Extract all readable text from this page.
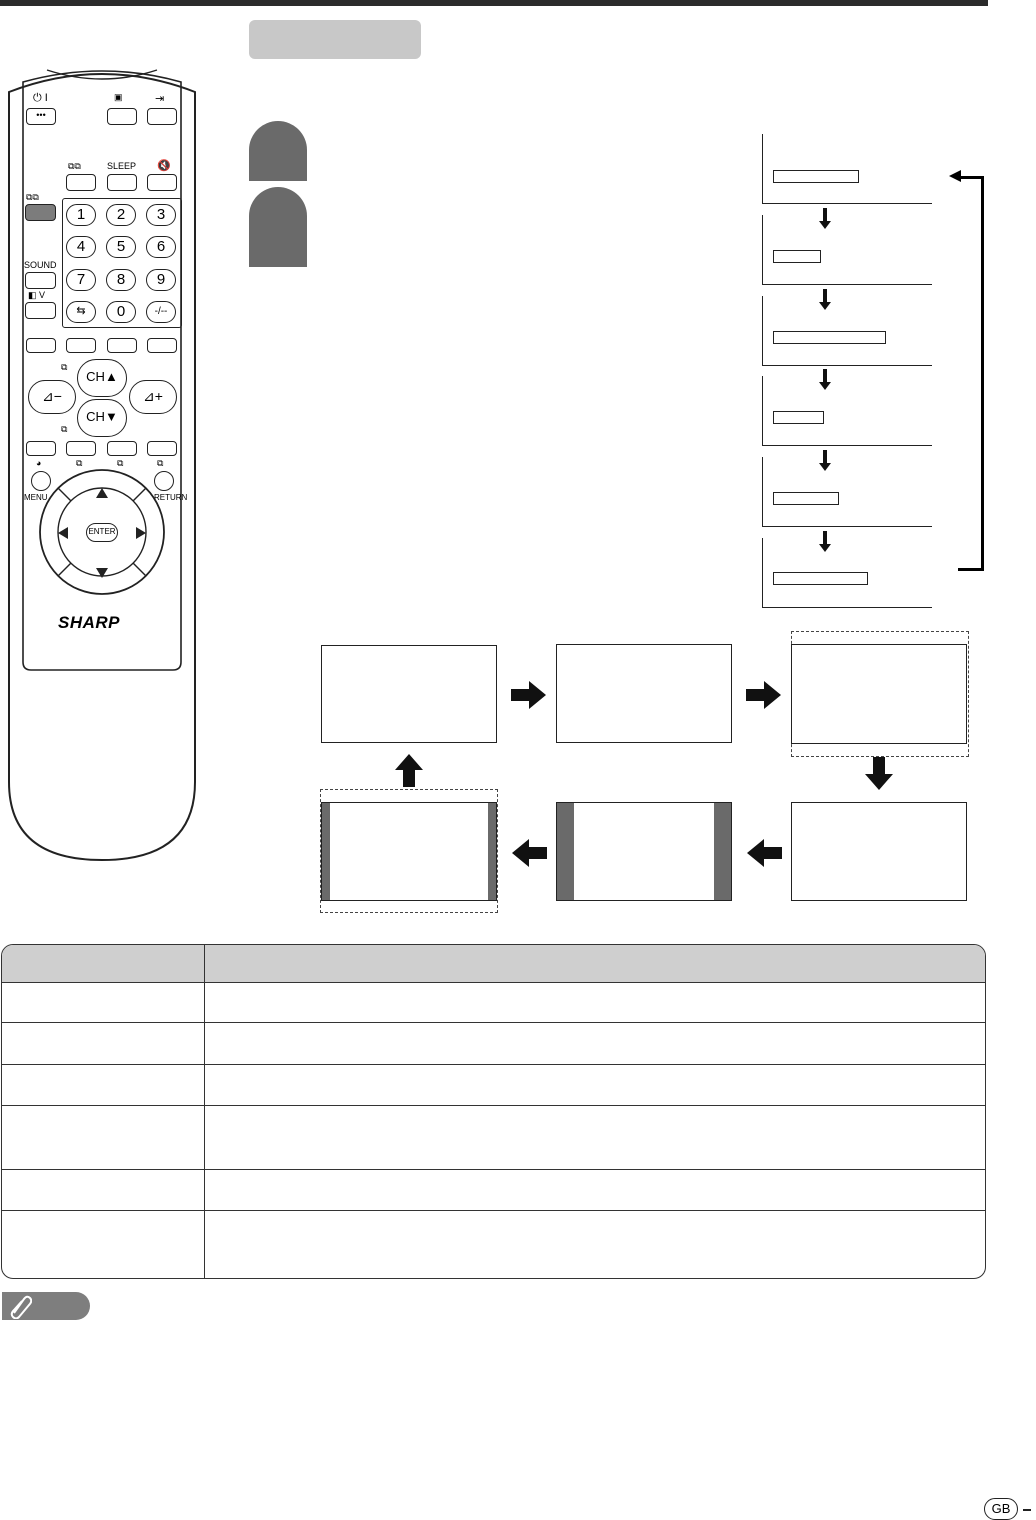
⏻ I
•••
▣	⇥
⧉⧉	SLEEP 🔇
⧉⧉
1	2	3
4	5	6
7	8	9
⇆	0	-/--
SOUND
V
◧
⧉
CH▲
CH▼
⊿−	⊿+
⧉
◕	⧉	⧉	⧉
MENU	RETURN
ENTER
SHARP
GB
